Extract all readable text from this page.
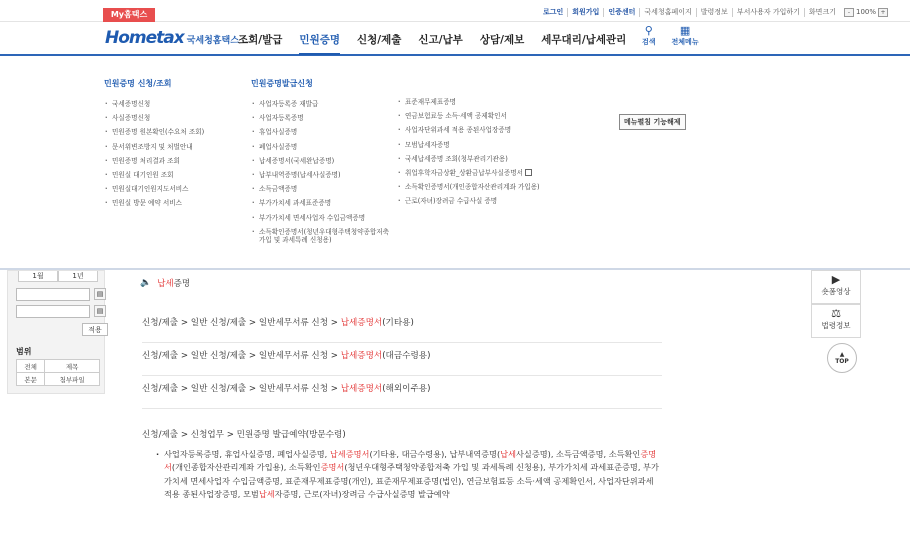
My홈택스	로그인	회원가입	인증센터	국세청홈페이지	발령정보	부서사용자 가입하기	화면크기	- 100% +
Hometax 국세청홈택스 조회/발급 민원증명 신청/제출 신고/납부 상담/제보 세무대리/납세관리
⚲
검색
▦
전체메뉴
메뉴펼침 기능해제
민원증명 신청/조회
· 국세증명신청
· 사실증명신청
· 민원증명 원본확인(수요처 조회)
· 문서위변조방지 및 처벌안내
· 민원증명 처리결과 조회
· 민원실 대기인원 조회
· 민원실대기인원지도서비스
· 민원실 방문 예약 서비스
민원증명발급신청
· 사업자등록증 재발급
· 사업자등록증명
· 휴업사실증명
· 폐업사실증명
· 납세증명서(국세완납증명)
· 납부내역증명(납세사실증명)
· 소득금액증명
· 부가가치세 과세표준증명
· 부가가치세 면세사업자 수입금액증명
· 소득확인증명서(청년우대형주택청약종합저축 가입 및 과세특례 신청용)
· 표준재무제표증명
· 연금보험료등 소득·세액 공제확인서
· 사업자단위과세 적용 종된사업장증명
· 모범납세자증명
· 국세납세증명 조회(청부관리기관용)
· 취업후학자금상환_상환금납부사실증명서
· 소득확인증명서(개인종합자산관리계좌 가입용)
· 근로(자녀)장려금 수급사실 증명
1월	1년
▤
▤
적용
범위
전체	제목
본문	첨부파일
🔈 납세 증명
신청/제출 > 일반 신청/제출 > 일반세무서류 신청 > 납세증명서(기타용)
신청/제출 > 일반 신청/제출 > 일반세무서류 신청 > 납세증명서(대금수령용)
신청/제출 > 일반 신청/제출 > 일반세무서류 신청 > 납세증명서(해외이주용)
신청/제출 > 신청업무 > 민원증명 발급예약(방문수령)
· 사업자등록증명, 휴업사실증명, 폐업사실증명, 납세증명서(기타용, 대금수령용), 납부내역증명(납세사실증명), 소득금액증명, 소득확인증명서(개인종합자산관리계좌 가입용), 소득확인증명서(청년우대형주택청약종합저축 가입 및 과세특례 신청용), 부가가치세 과세표준증명, 부가가치세 면세사업자 수입금액증명, 표준재무제표증명(개인), 표준재무제표증명(법인), 연금보험료등 소득·세액 공제확인서, 사업자단위과세 적용 종된사업장증명, 모범납세자증명, 근로(자녀)장려금 수급사실증명 발급예약
▶
숏폼영상
⚖
법령정보
▲
TOP
